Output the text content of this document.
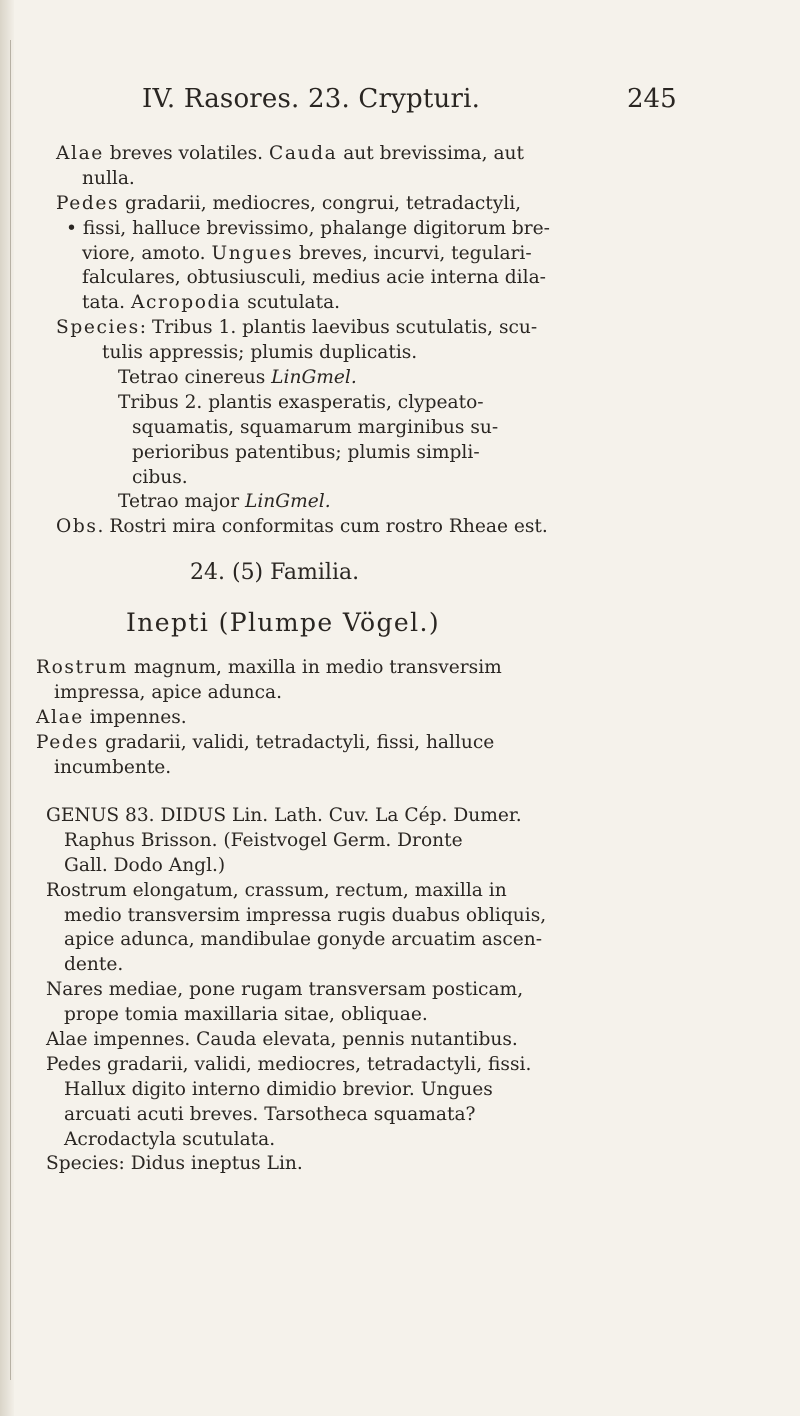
IV. Rasores. 23. Crypturi.	245
Alae breves volatiles. Cauda aut brevissima, aut
nulla.
Pedes gradarii, mediocres, congrui, tetradactyli,
• fissi, halluce brevissimo, phalange digitorum bre-
viore, amoto. Ungues breves, incurvi, tegulari-
falculares, obtusiusculi, medius acie interna dila-
tata. Acropodia scutulata.
Species: Tribus 1. plantis laevibus scutulatis, scu-
tulis appressis; plumis duplicatis.
Tetrao cinereus LinGmel.
Tribus 2. plantis exasperatis, clypeato-
squamatis, squamarum marginibus su-
perioribus patentibus; plumis simpli-
cibus.
Tetrao major LinGmel.
Obs. Rostri mira conformitas cum rostro Rheae est.
24. (5) Familia.
Inepti (Plumpe Vögel.)
Rostrum magnum, maxilla in medio transversim
impressa, apice adunca.
Alae impennes.
Pedes gradarii, validi, tetradactyli, fissi, halluce
incumbente.
GENUS 83. DIDUS Lin. Lath. Cuv. La Cép. Dumer.
Raphus Brisson. (Feistvogel Germ. Dronte
Gall. Dodo Angl.)
Rostrum elongatum, crassum, rectum, maxilla in
medio transversim impressa rugis duabus obliquis,
apice adunca, mandibulae gonyde arcuatim ascen-
dente.
Nares mediae, pone rugam transversam posticam,
prope tomia maxillaria sitae, obliquae.
Alae impennes. Cauda elevata, pennis nutantibus.
Pedes gradarii, validi, mediocres, tetradactyli, fissi.
Hallux digito interno dimidio brevior. Ungues
arcuati acuti breves. Tarsotheca squamata?
Acrodactyla scutulata.
Species: Didus ineptus Lin.
